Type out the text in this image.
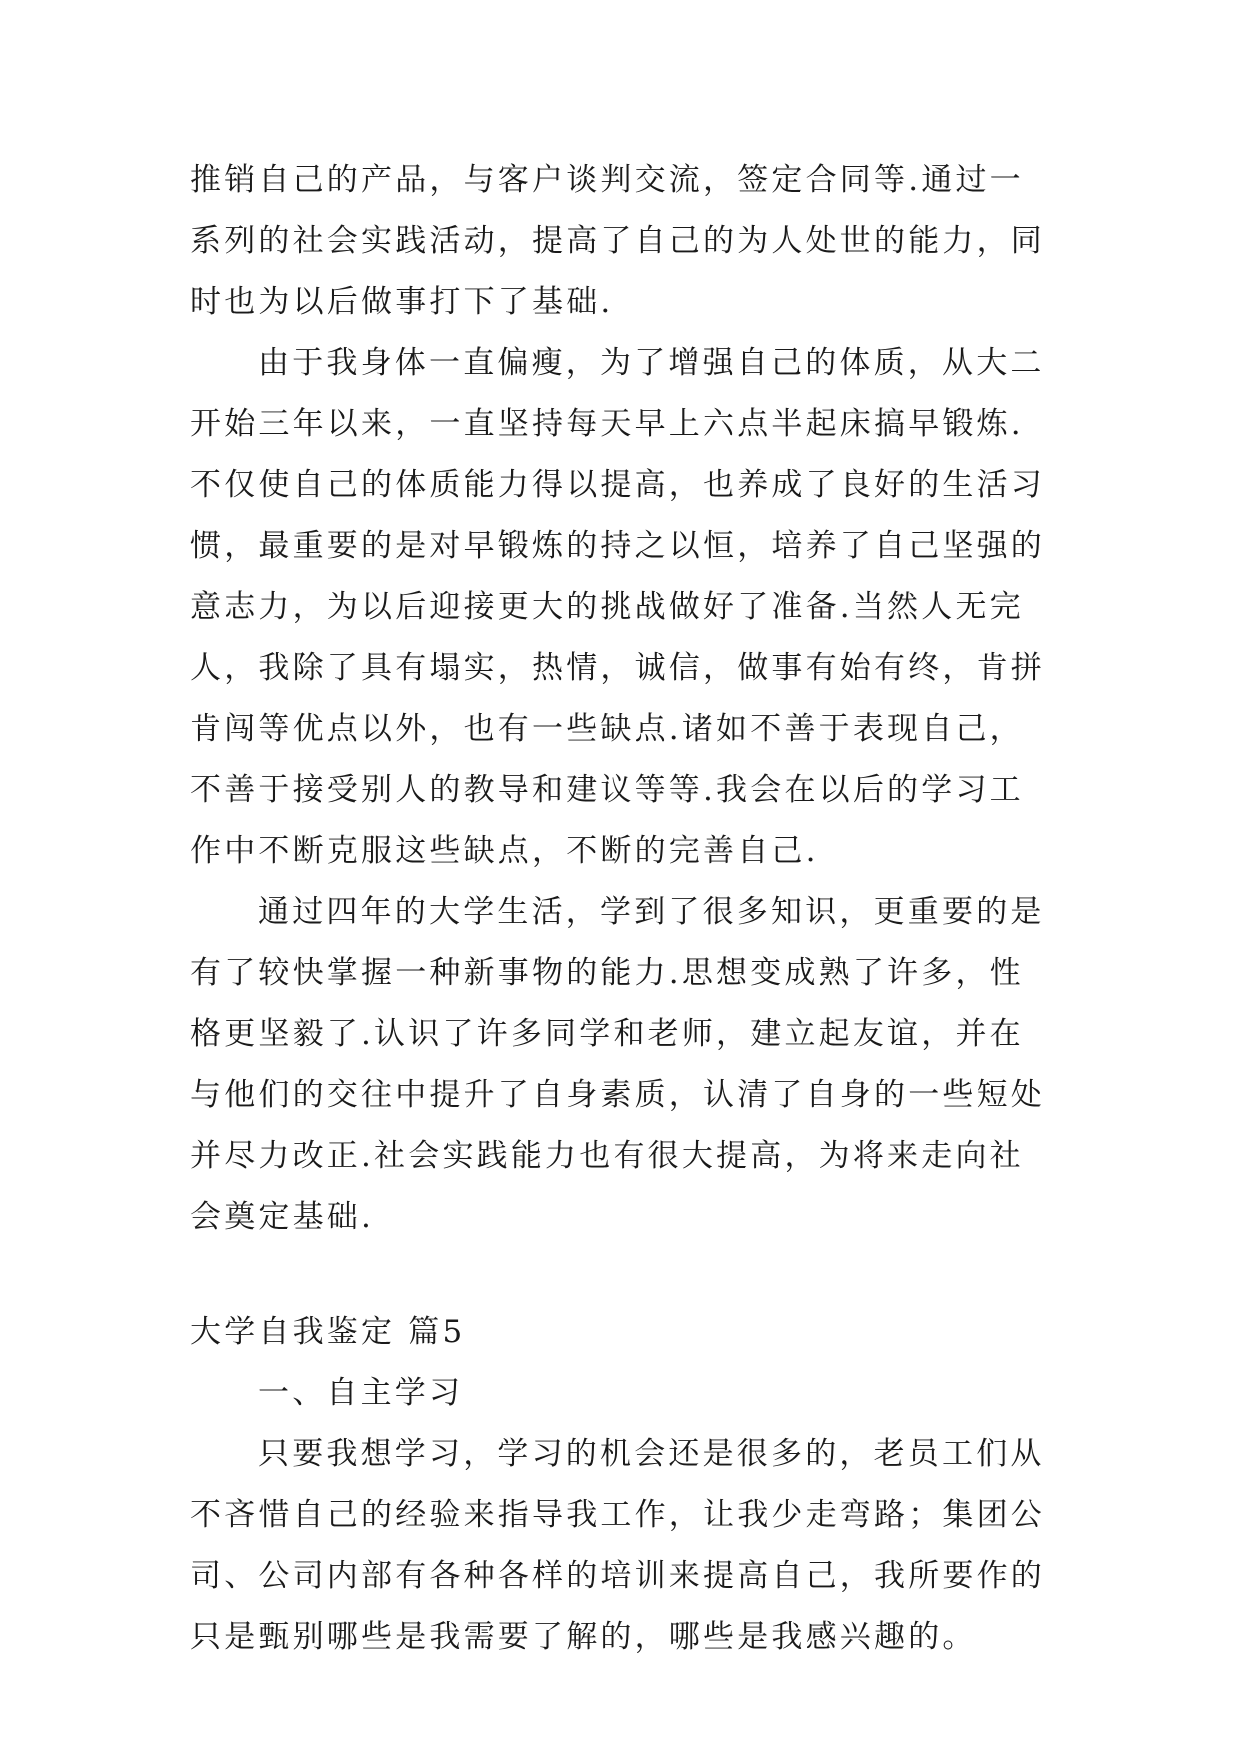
推销自己的产品，与客户谈判交流，签定合同等.通过一系列的社会实践活动，提高了自己的为人处世的能力，同时也为以后做事打下了基础.

由于我身体一直偏瘦，为了增强自己的体质，从大二开始三年以来，一直坚持每天早上六点半起床搞早锻炼.不仅使自己的体质能力得以提高，也养成了良好的生活习惯，最重要的是对早锻炼的持之以恒，培养了自己坚强的意志力，为以后迎接更大的挑战做好了准备.当然人无完人，我除了具有塌实，热情，诚信，做事有始有终，肯拼肯闯等优点以外，也有一些缺点.诸如不善于表现自己，不善于接受别人的教导和建议等等.我会在以后的学习工作中不断克服这些缺点，不断的完善自己.

通过四年的大学生活，学到了很多知识，更重要的是有了较快掌握一种新事物的能力.思想变成熟了许多，性格更坚毅了.认识了许多同学和老师，建立起友谊，并在与他们的交往中提升了自身素质，认清了自身的一些短处并尽力改正.社会实践能力也有很大提高，为将来走向社会奠定基础.

大学自我鉴定 篇5

一、自主学习

只要我想学习，学习的机会还是很多的，老员工们从不吝惜自己的经验来指导我工作，让我少走弯路；集团公司、公司内部有各种各样的培训来提高自己，我所要作的只是甄别哪些是我需要了解的，哪些是我感兴趣的。
